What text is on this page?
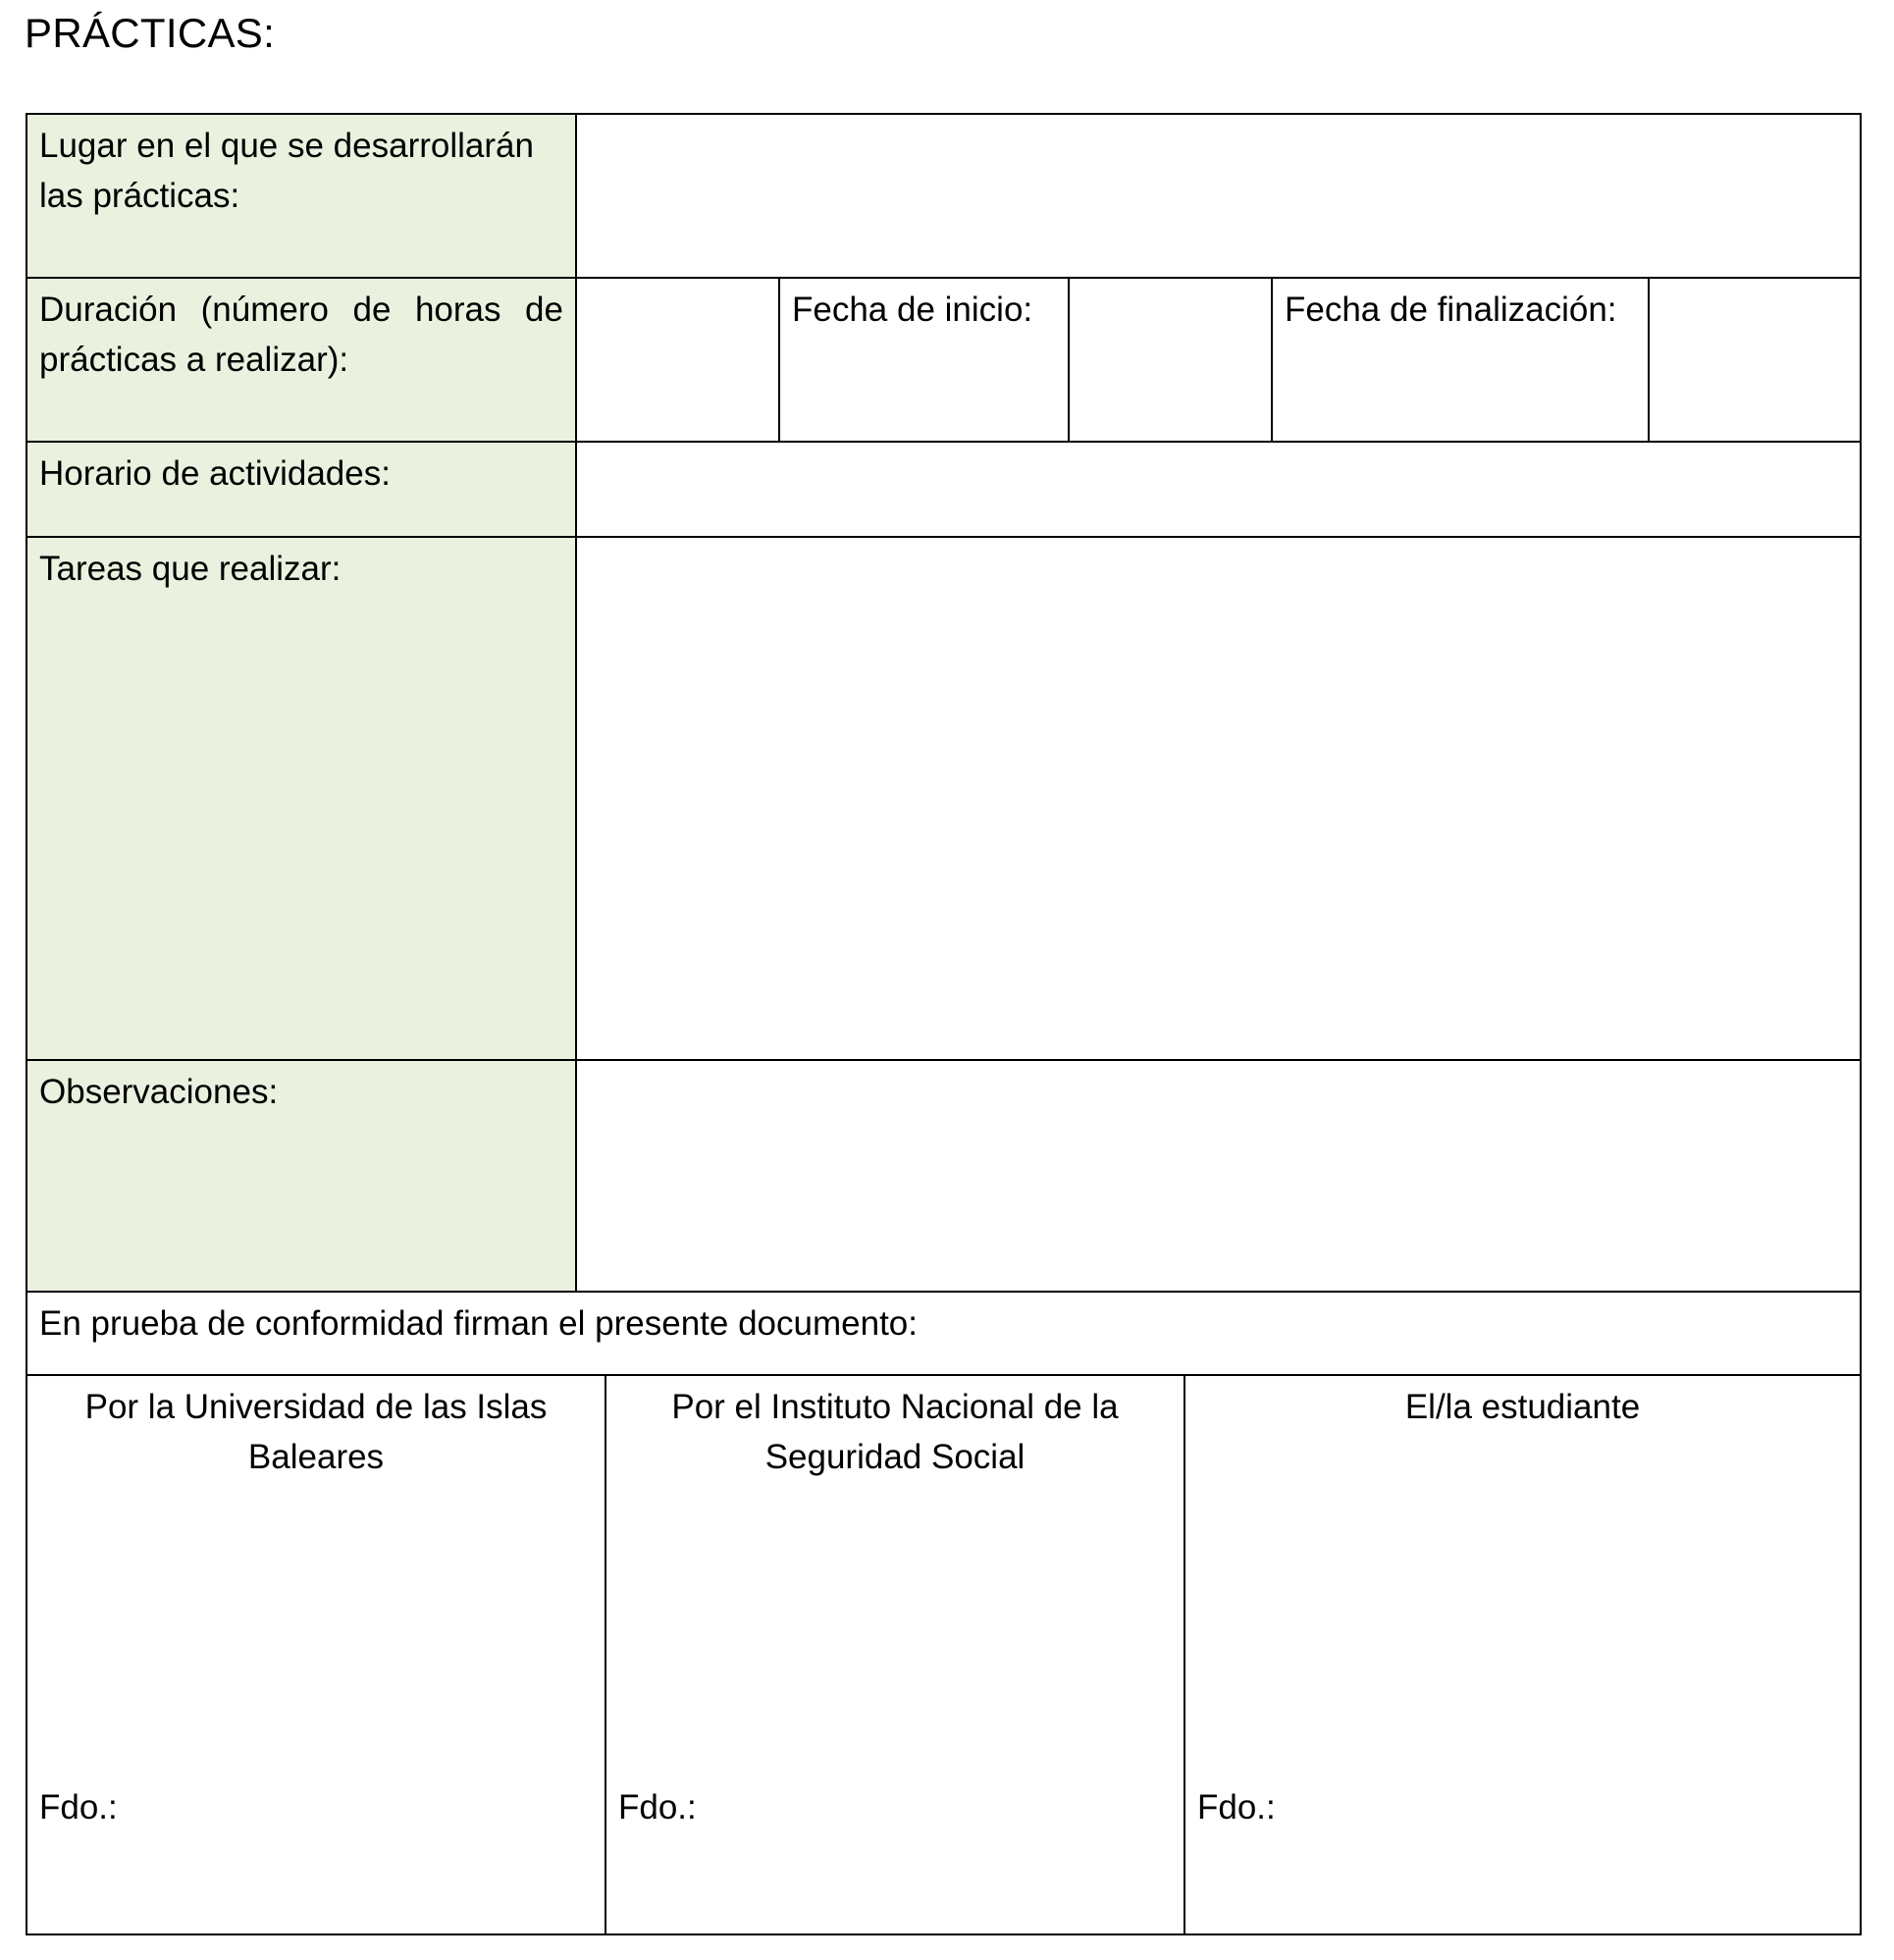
PRÁCTICAS:
Lugar en el que se desarrollarán las prácticas:
Duración (número de horas de prácticas a realizar):
Fecha de inicio:	Fecha de finalización:
Horario de actividades:
Tareas que realizar:
Observaciones:
En prueba de conformidad firman el presente documento:
Por la Universidad de las Islas Baleares
Fdo.:
Por el Instituto Nacional de la Seguridad Social
Fdo.:
El/la estudiante
Fdo.:
